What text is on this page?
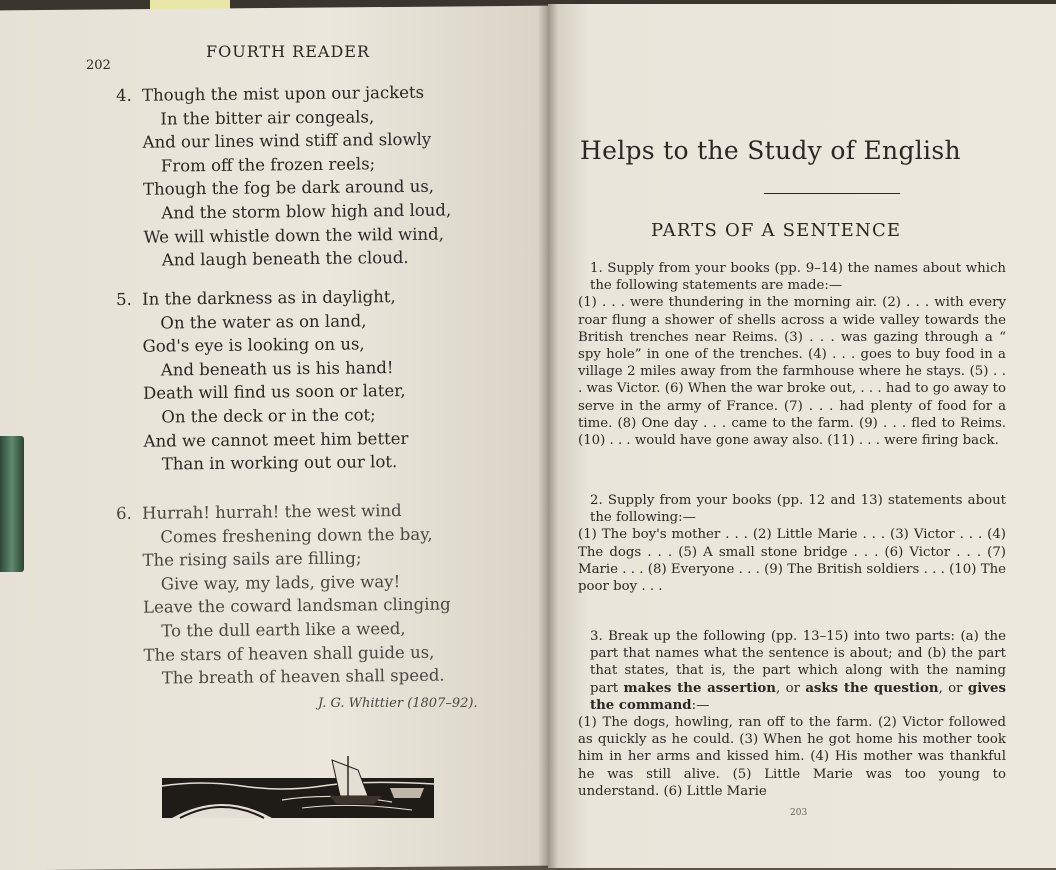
202
FOURTH READER
4. Though the mist upon our jackets
In the bitter air congeals,
And our lines wind stiff and slowly
From off the frozen reels;
Though the fog be dark around us,
And the storm blow high and loud,
We will whistle down the wild wind,
And laugh beneath the cloud.
5. In the darkness as in daylight,
On the water as on land,
God's eye is looking on us,
And beneath us is his hand!
Death will find us soon or later,
On the deck or in the cot;
And we cannot meet him better
Than in working out our lot.
6. Hurrah! hurrah! the west wind
Comes freshening down the bay,
The rising sails are filling;
Give way, my lads, give way!
Leave the coward landsman clinging
To the dull earth like a weed,
The stars of heaven shall guide us,
The breath of heaven shall speed.
J. G. Whittier (1807–92).
Helps to the Study of English
PARTS OF A SENTENCE

1. Supply from your books (pp. 9–14) the names about which the following statements are made:—

(1) . . . were thundering in the morning air. (2) . . . with every roar flung a shower of shells across a wide valley towards the British trenches near Reims. (3) . . . was gazing through a “ spy hole” in one of the trenches. (4) . . . goes to buy food in a village 2 miles away from the farmhouse where he stays. (5) . . . was Victor. (6) When the war broke out, . . . had to go away to serve in the army of France. (7) . . . had plenty of food for a time. (8) One day . . . came to the farm. (9) . . . fled to Reims. (10) . . . would have gone away also. (11) . . . were firing back.

2. Supply from your books (pp. 12 and 13) statements about the following:—

(1) The boy's mother . . . (2) Little Marie . . . (3) Victor . . . (4) The dogs . . . (5) A small stone bridge . . . (6) Victor . . . (7) Marie . . . (8) Everyone . . . (9) The British soldiers . . . (10) The poor boy . . .

3. Break up the following (pp. 13–15) into two parts: (a) the part that names what the sentence is about; and (b) the part that states, that is, the part which along with the naming part makes the assertion, or asks the question, or gives the command:—

(1) The dogs, howling, ran off to the farm. (2) Victor followed as quickly as he could. (3) When he got home his mother took him in her arms and kissed him. (4) His mother was thankful he was still alive. (5) Little Marie was too young to understand. (6) Little Marie

203
